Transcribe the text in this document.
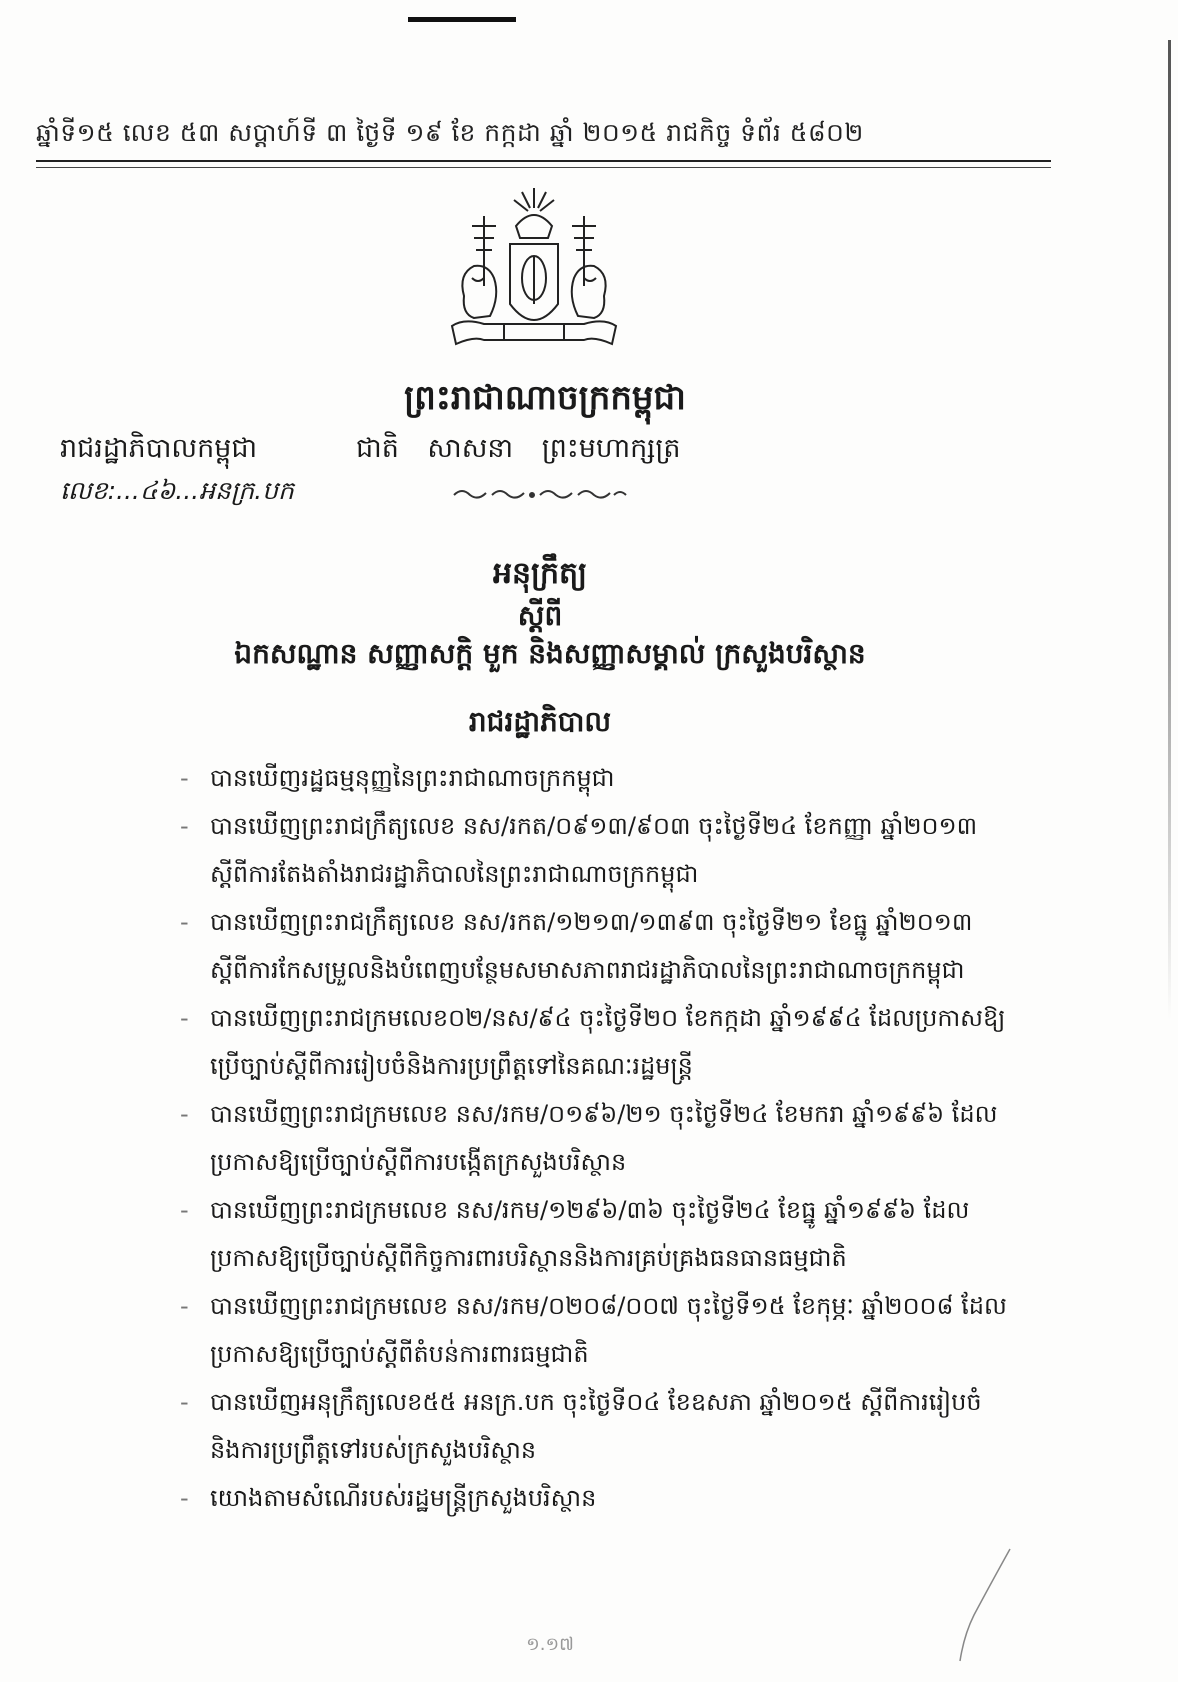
ឆ្នាំទី១៥ លេខ ៥៣ សប្ដាហ៍ទី ៣ ថ្ងៃទី ១៩ ខែ កក្កដា ឆ្នាំ ២០១៥ រាជកិច្ច ទំព័រ ៥៨០២
ព្រះរាជាណាចក្រកម្ពុជា
រាជរដ្ឋាភិបាលកម្ពុជា
លេខ:...៤៦...អនក្រ.បក
ជាតិ សាសនា ព្រះមហាក្សត្រ
អនុក្រឹត្យ
ស្ដីពី
ឯកសណ្ឋាន សញ្ញាសក្តិ មួក និងសញ្ញាសម្គាល់ ក្រសួងបរិស្ថាន
រាជរដ្ឋាភិបាល
- បានឃើញរដ្ឋធម្មនុញ្ញនៃព្រះរាជាណាចក្រកម្ពុជា
- បានឃើញព្រះរាជក្រឹត្យលេខ នស/រកត/០៩១៣/៩០៣ ចុះថ្ងៃទី២៤ ខែកញ្ញា ឆ្នាំ២០១៣ ស្តីពីការតែងតាំងរាជរដ្ឋាភិបាលនៃព្រះរាជាណាចក្រកម្ពុជា
- បានឃើញព្រះរាជក្រឹត្យលេខ នស/រកត/១២១៣/១៣៩៣ ចុះថ្ងៃទី២១ ខែធ្នូ ឆ្នាំ២០១៣ ស្តីពីការកែសម្រួលនិងបំពេញបន្ថែមសមាសភាពរាជរដ្ឋាភិបាលនៃព្រះរាជាណាចក្រកម្ពុជា
- បានឃើញព្រះរាជក្រមលេខ០២/នស/៩៤ ចុះថ្ងៃទី២០ ខែកក្កដា ឆ្នាំ១៩៩៤ ដែលប្រកាសឱ្យប្រើច្បាប់ស្តីពីការរៀបចំនិងការប្រព្រឹត្តទៅនៃគណៈរដ្ឋមន្ត្រី
- បានឃើញព្រះរាជក្រមលេខ នស/រកម/០១៩៦/២១ ចុះថ្ងៃទី២៤ ខែមករា ឆ្នាំ១៩៩៦ ដែលប្រកាសឱ្យប្រើច្បាប់ស្តីពីការបង្កើតក្រសួងបរិស្ថាន
- បានឃើញព្រះរាជក្រមលេខ នស/រកម/១២៩៦/៣៦ ចុះថ្ងៃទី២៤ ខែធ្នូ ឆ្នាំ១៩៩៦ ដែលប្រកាសឱ្យប្រើច្បាប់ស្តីពីកិច្ចការពារបរិស្ថាននិងការគ្រប់គ្រងធនធានធម្មជាតិ
- បានឃើញព្រះរាជក្រមលេខ នស/រកម/០២០៨/០០៧ ចុះថ្ងៃទី១៥ ខែកុម្ភៈ ឆ្នាំ២០០៨ ដែលប្រកាសឱ្យប្រើច្បាប់ស្តីពីតំបន់ការពារធម្មជាតិ
- បានឃើញអនុក្រឹត្យលេខ៥៥ អនក្រ.បក ចុះថ្ងៃទី០៤ ខែឧសភា ឆ្នាំ២០១៥ ស្តីពីការរៀបចំនិងការប្រព្រឹត្តទៅរបស់ក្រសួងបរិស្ថាន
- យោងតាមសំណើរបស់រដ្ឋមន្ត្រីក្រសួងបរិស្ថាន
១.១៧
